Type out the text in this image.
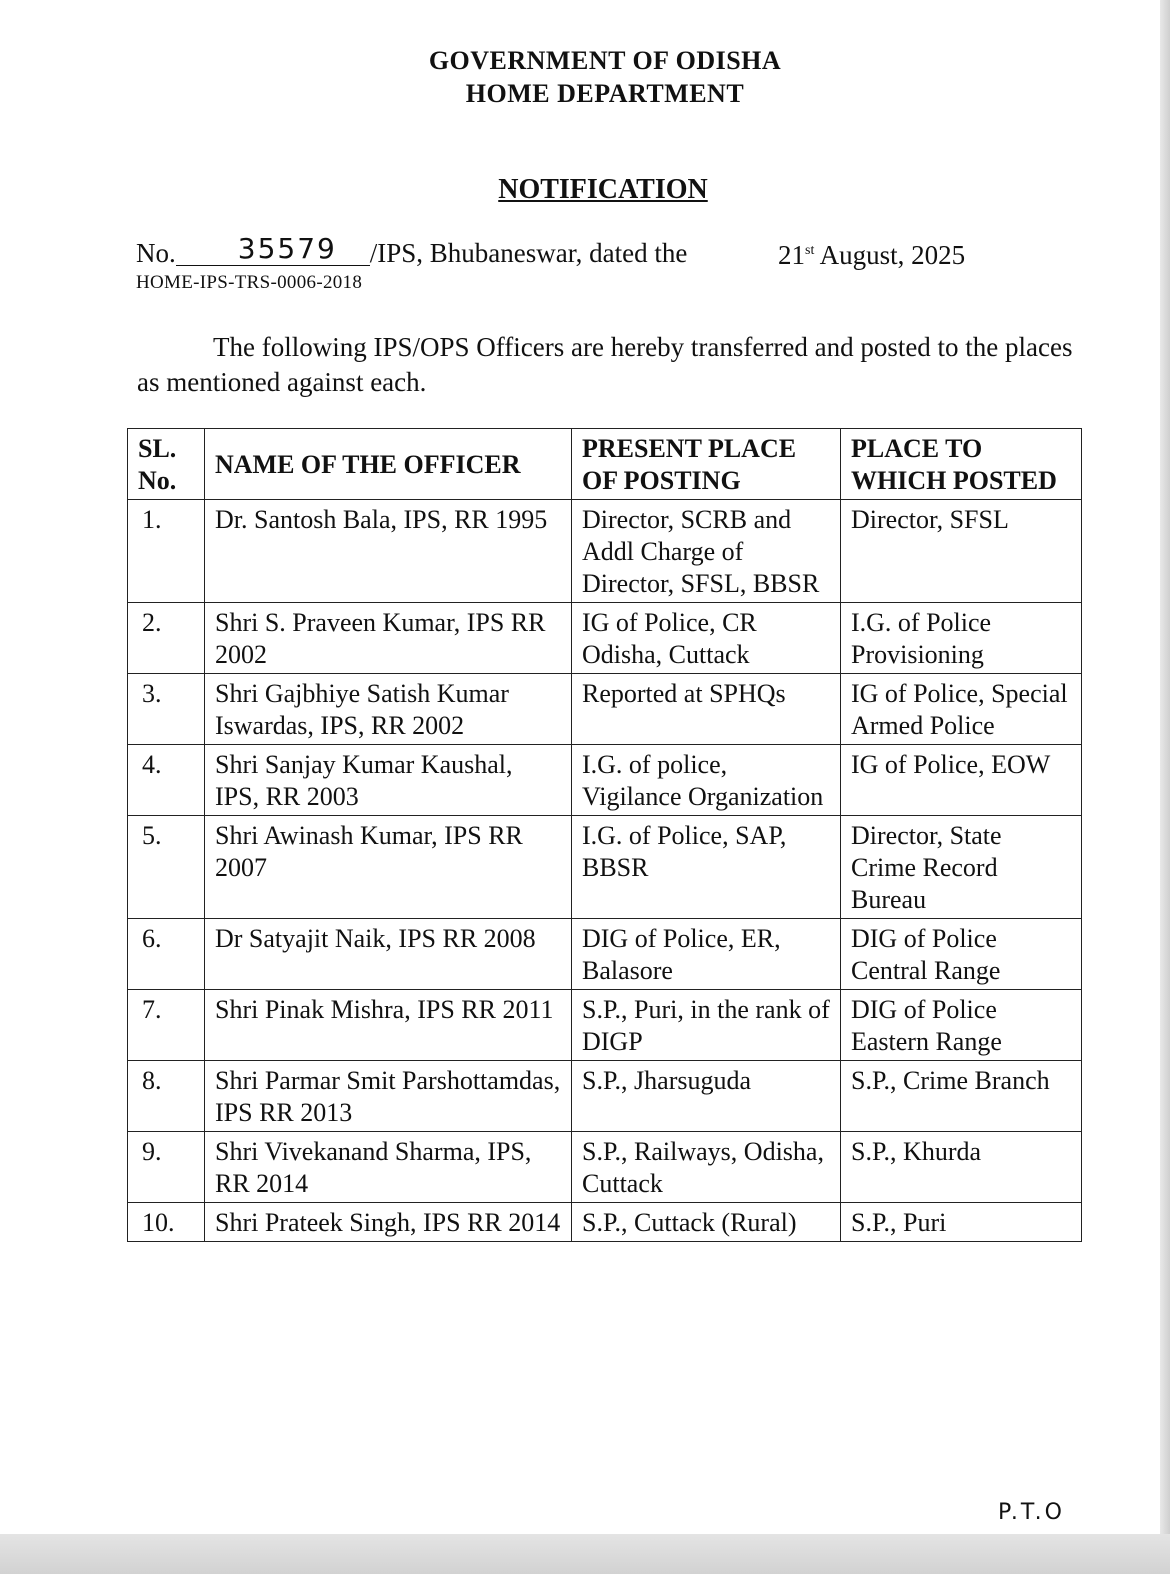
GOVERNMENT OF ODISHA
HOME DEPARTMENT
NOTIFICATION
No. 35579 /IPS, Bhubaneswar, dated the	21st August, 2025
HOME-IPS-TRS-0006-2018
The following IPS/OPS Officers are hereby transferred and posted to the places as mentioned against each.
SL. No.	NAME OF THE OFFICER	PRESENT PLACE OF POSTING	PLACE TO WHICH POSTED
1.	Dr. Santosh Bala, IPS, RR 1995	Director, SCRB and Addl Charge of Director, SFSL, BBSR	Director, SFSL
2.	Shri S. Praveen Kumar, IPS RR 2002	IG of Police, CR Odisha, Cuttack	I.G. of Police Provisioning
3.	Shri Gajbhiye Satish Kumar Iswardas, IPS, RR 2002	Reported at SPHQs	IG of Police, Special Armed Police
4.	Shri Sanjay Kumar Kaushal, IPS, RR 2003	I.G. of police, Vigilance Organization	IG of Police, EOW
5.	Shri Awinash Kumar, IPS RR 2007	I.G. of Police, SAP, BBSR	Director, State Crime Record Bureau
6.	Dr Satyajit Naik, IPS RR 2008	DIG of Police, ER, Balasore	DIG of Police Central Range
7.	Shri Pinak Mishra, IPS RR 2011	S.P., Puri, in the rank of DIGP	DIG of Police Eastern Range
8.	Shri Parmar Smit Parshottamdas, IPS RR 2013	S.P., Jharsuguda	S.P., Crime Branch
9.	Shri Vivekanand Sharma, IPS, RR 2014	S.P., Railways, Odisha, Cuttack	S.P., Khurda
10.	Shri Prateek Singh, IPS RR 2014	S.P., Cuttack (Rural)	S.P., Puri
P.T.O
